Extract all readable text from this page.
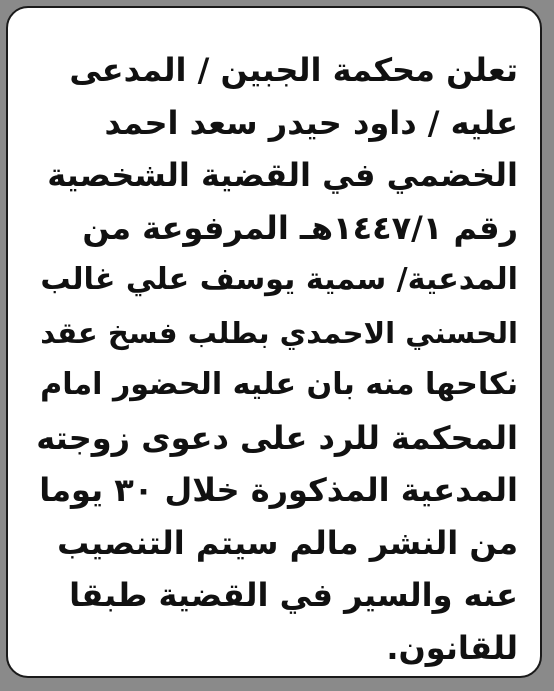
تعلن محكمة الجبين / المدعى
عليه / داود حيدر سعد احمد
الخضمي في القضية الشخصية
رقم ١٤٤٧/١هـ المرفوعة من
المدعية/ سمية يوسف علي غالب
الحسني الاحمدي بطلب فسخ عقد
نكاحها منه بان عليه الحضور امام
المحكمة للرد على دعوى زوجته
المدعية المذكورة خلال ٣٠ يوما
من النشر مالم سيتم التنصيب
عنه والسير في القضية طبقا
للقانون.
